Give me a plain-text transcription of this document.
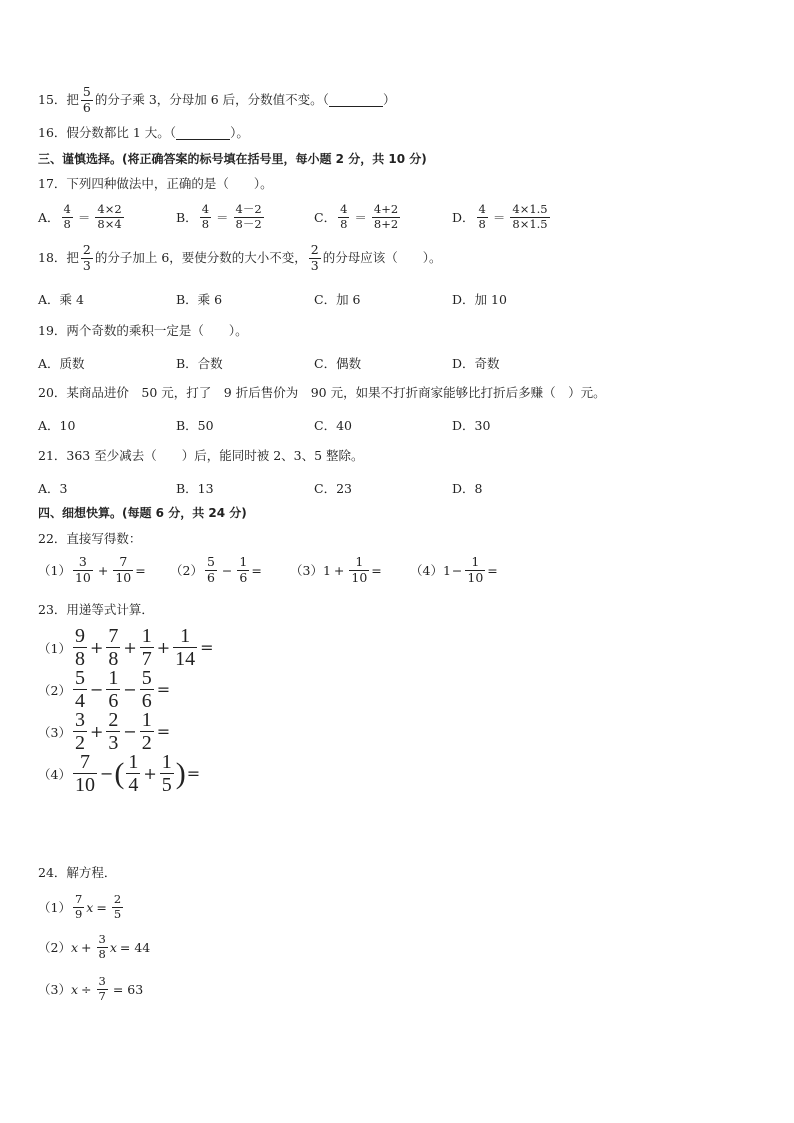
15．把 $\frac{5}{6}$ 的分子乘 3，分母加 6 后，分数值不变。（	）
16．假分数都比 1 大。（	）。
三、谨慎选择。(将正确答案的标号填在括号里，每小题 2 分，共 10 分)
17．下列四种做法中，正确的是（　　）。
A． $\frac{4}{8} = \frac{4\times 2}{8\times 4}$	B． $\frac{4}{8} = \frac{4-2}{8-2}$	C． $\frac{4}{8} = \frac{4+2}{8+2}$	D． $\frac{4}{8} = \frac{4\times 1.5}{8\times 1.5}$
18．把 $\frac{2}{3}$ 的分子加上 6，要使分数的大小不变， $\frac{2}{3}$ 的分母应该（　　）。
A．乘 4	B．乘 6	C．加 6	D．加 10
19．两个奇数的乘积一定是（　　）。
A．质数	B．合数	C．偶数	D．奇数
20．某商品进价　50 元，打了　9 折后售价为　90 元，如果不打折商家能够比打折后多赚（　）元。
A．10	B．50	C．40	D．30
21．363 至少减去（　　）后，能同时被 2、3、5 整除。
A．3	B．13	C．23	D．8
四、细想快算。(每题 6 分，共 24 分)
22．直接写得数：
$(1) \frac{3}{10} + \frac{7}{10} = (2) \frac{5}{6} - \frac{1}{6} = (3) 1 + \frac{1}{10} = (4) 1 - \frac{1}{10}$ =
23．用递等式计算．
$(1) \frac{9}{8} + \frac{7}{8} + \frac{1}{7} + \frac{1}{14}$ =
$(2) \frac{5}{4} - \frac{1}{6} - \frac{5}{6}$ =
$(3) \frac{3}{2} + \frac{2}{3} - \frac{1}{2}$ =
$(4) \frac{7}{10}$ − ( $\frac{1}{4} + \frac{1}{5}$ ) =
24．解方程．
$(1) \frac{7}{9}$ $x = \frac{2}{5}$
（2） $x + \frac{3}{8}$ x = 44
（3） $x \div \frac{3}{7} = 63$
